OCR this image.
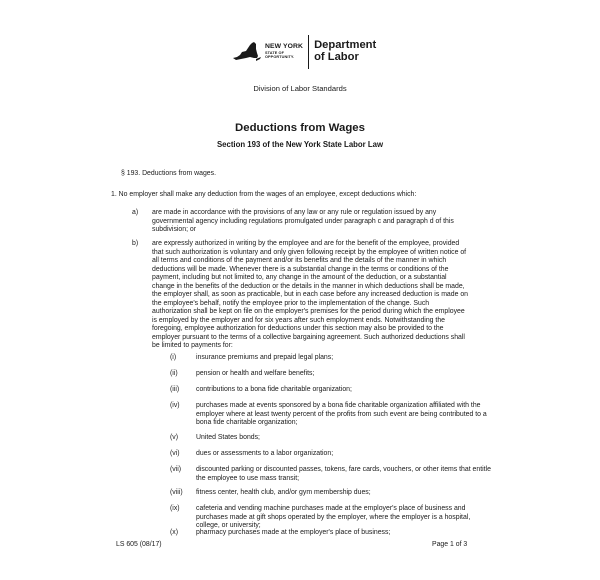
NEW YORK
STATE OF
OPPORTUNITY.
Department
of Labor
Division of Labor Standards
Deductions from Wages
Section 193 of the New York State Labor Law
§ 193. Deductions from wages.
1. No employer shall make any deduction from the wages of an employee, except deductions which:
a) are made in accordance with the provisions of any law or any rule or regulation issued by any governmental agency including regulations promulgated under paragraph c and paragraph d of this subdivision; or
b) are expressly authorized in writing by the employee and are for the benefit of the employee, provided that such authorization is voluntary and only given following receipt by the employee of written notice of all terms and conditions of the payment and/or its benefits and the details of the manner in which deductions will be made. Whenever there is a substantial change in the terms or conditions of the payment, including but not limited to, any change in the amount of the deduction, or a substantial change in the benefits of the deduction or the details in the manner in which deductions shall be made, the employer shall, as soon as practicable, but in each case before any increased deduction is made on the employee's behalf, notify the employee prior to the implementation of the change. Such authorization shall be kept on file on the employer's premises for the period during which the employee is employed by the employer and for six years after such employment ends. Notwithstanding the foregoing, employee authorization for deductions under this section may also be provided to the employer pursuant to the terms of a collective bargaining agreement. Such authorized deductions shall be limited to payments for:
(i)	insurance premiums and prepaid legal plans;
(ii)	pension or health and welfare benefits;
(iii) contributions to a bona fide charitable organization;
(iv) purchases made at events sponsored by a bona fide charitable organization affiliated with the employer where at least twenty percent of the profits from such event are being contributed to a bona fide charitable organization;
(v)	United States bonds;
(vi) dues or assessments to a labor organization;
(vii) discounted parking or discounted passes, tokens, fare cards, vouchers, or other items that entitle the employee to use mass transit;
(viii) fitness center, health club, and/or gym membership dues;
(ix) cafeteria and vending machine purchases made at the employer's place of business and purchases made at gift shops operated by the employer, where the employer is a hospital, college, or university;
LS 605 (08/17)	Page 1 of 3
(x)	pharmacy purchases made at the employer's place of business;
